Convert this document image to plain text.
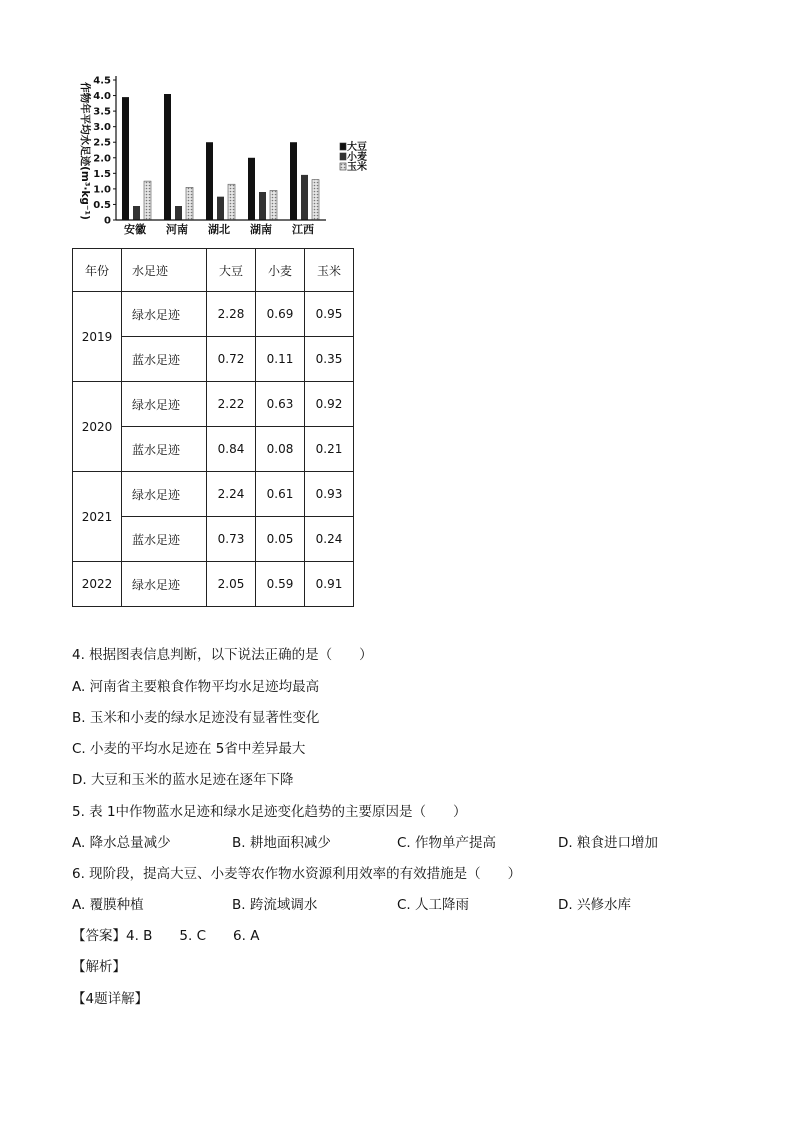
0
0.5
1.0
1.5
2.0
2.5
3.0
3.5
4.0
4.5
安徽 河南 湖北 湖南 江西
大豆
小麦
玉米
作物年平均水足迹(m³·kg⁻¹)
年份	水足迹	大豆	小麦	玉米
2019	绿水足迹	2.28	0.69	0.95
	蓝水足迹	0.72	0.11	0.35
2020	绿水足迹	2.22	0.63	0.92
	蓝水足迹	0.84	0.08	0.21
2021	绿水足迹	2.24	0.61	0.93
	蓝水足迹	0.73	0.05	0.24
2022	绿水足迹	2.05	0.59	0.91
4. 根据图表信息判断，以下说法正确的是（　　）
A. 河南省主要粮食作物平均水足迹均最高
B. 玉米和小麦的绿水足迹没有显著性变化
C. 小麦的平均水足迹在 5省中差异最大
D. 大豆和玉米的蓝水足迹在逐年下降
5. 表 1中作物蓝水足迹和绿水足迹变化趋势的主要原因是（　　）
A. 降水总量减少	B. 耕地面积减少	C. 作物单产提高	D. 粮食进口增加
6. 现阶段，提高大豆、小麦等农作物水资源利用效率的有效措施是（　　）
A. 覆膜种植	B. 跨流域调水	C. 人工降雨	D. 兴修水库
【答案】4. B　　5. C　　6. A
【解析】
【4题详解】
